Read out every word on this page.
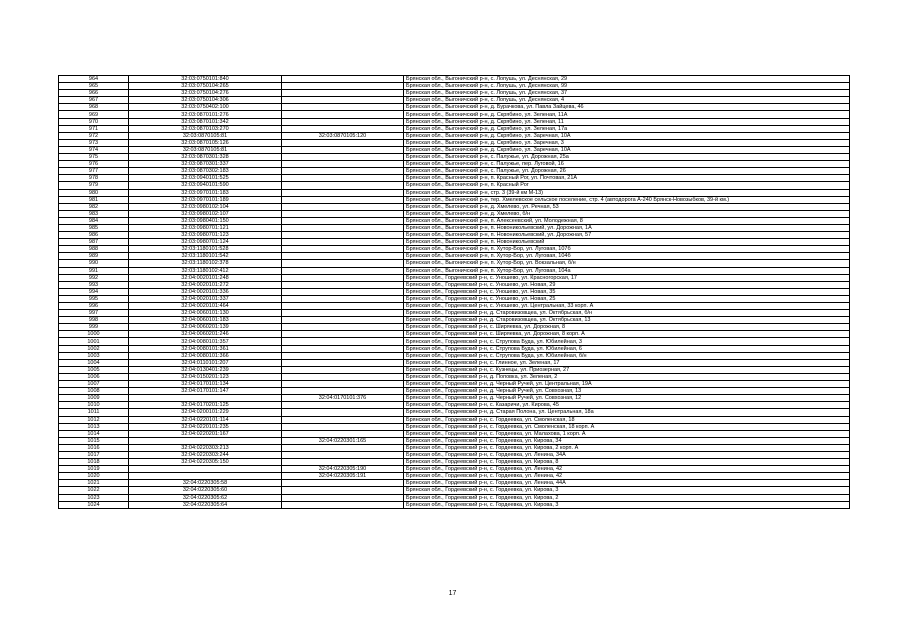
964	32:03:0750101:840		Брянская обл., Выгоничский р-н, с. Лопушь, ул. Деснянская, 29
965	32:03:0750104:265		Брянская обл., Выгоничский р-н, с. Лопушь, ул. Деснянская, 99
966	32:03:0750104:276		Брянская обл., Выгоничский р-н, с. Лопушь, ул. Деснянская, 37
967	32:03:0750104:306		Брянская обл., Выгоничский р-н, с. Лопушь, ул. Деснянская, 4
968	32:03:0750402:100		Брянская обл., Выгоничский р-н, д. Бурачкова, ул. Павла Зайцева, 46
969	32:03:0870101:276		Брянская обл., Выгоничский р-н, д. Скрябино, ул. Зеленая, 11А
970	32:03:0870101:342		Брянская обл., Выгоничский р-н, д. Скрябино, ул. Зеленая, 11
971	32:03:0870103:270		Брянская обл., Выгоничский р-н, д. Скрябино, ул. Зеленая, 17а
972	32:03:0870105:81	32:03:0870105:120	Брянская обл., Выгоничский р-н, д. Скрябино, ул. Заречная, 10А
973	32:03:0870105:126		Брянская обл., Выгоничский р-н, д. Скрябино, ул. Заречная, 3
974	32:03:0870105:81		Брянская обл., Выгоничский р-н, д. Скрябино, ул. Заречная, 10А
975	32:03:0870301:328		Брянская обл., Выгоничский р-н, с. Палужье, ул. Дорожная, 25а
976	32:03:0870301:337		Брянская обл., Выгоничский р-н, с. Палужье, пер. Луговой, 16
977	32:03:0870302:183		Брянская обл., Выгоничский р-н, с. Палужье, ул. Дорожная, 26
978	32:03:0940101:525		Брянская обл., Выгоничский р-н, п. Красный Рог, ул. Почтовая, 21А
979	32:03:0940101:590		Брянская обл., Выгоничский р-н, п. Красный Рог
980	32:03:0970101:183		Брянская обл., Выгоничский р-н, стр. 3 (39-й км М-13)
981	32:03:0970101:189		Брянская обл., Выгоничский р-н, тер. Хмелевское сельское поселение, стр. 4 (автодорога А-240 Брянск-Новозыбков, 39-й км.)
982	32:03:0980102:104		Брянская обл., Выгоничский р-н, д. Хмелево, ул. Речная, 53
983	32:03:0980102:107		Брянская обл., Выгоничский р-н, д. Хмелево, б/н
984	32:03:0980401:150		Брянская обл., Выгоничский р-н, п. Алексеевский, ул. Молодежная, 8
985	32:03:0980701:121		Брянская обл., Выгоничский р-н, п. Новоникольевский, ул. Дорожная, 1А
986	32:03:0980701:123		Брянская обл., Выгоничский р-н, п. Новоникольевский, ул. Дорожная, 57
987	32:03:0980701:124		Брянская обл., Выгоничский р-н, п. Новоникольевский
988	32:03:1180101:528		Брянская обл., Выгоничский р-н, п. Хутор-Бор, ул. Луговая, 107б
989	32:03:1180101:542		Брянская обл., Выгоничский р-н, п. Хутор-Бор, ул. Луговая, 104б
990	32:03:1180102:378		Брянская обл., Выгоничский р-н, п. Хутор-Бор, ул. Вокзальная, б/н
991	32:03:1180102:412		Брянская обл., Выгоничский р-н, п. Хутор-Бор, ул. Луговая, 104а
992	32:04:0020101:248		Брянская обл., Гордеевский р-н, с. Уношево, ул. Красногорская, 17
993	32:04:0020101:272		Брянская обл., Гордеевский р-н, с. Уношево, ул. Новая, 29
994	32:04:0020101:336		Брянская обл., Гордеевский р-н, с. Уношево, ул. Новая, 35
995	32:04:0020101:337		Брянская обл., Гордеевский р-н, с. Уношево, ул. Новая, 25
996	32:04:0020101:464		Брянская обл., Гордеевский р-н, с. Уношево, ул. Центральная, 33 корп. А
997	32:04:0060101:130		Брянская обл., Гордеевский р-н, д. Старовизовщеа, ул. Октябрьская, б/н
998	32:04:0060101:183		Брянская обл., Гордеевский р-н, д. Старовизовщеа, ул. Октябрьская, 13
999	32:04:0060201:139		Брянская обл., Гордеевский р-н, с. Ширяевка, ул. Дорожная, 8
1000	32:04:0060201:246		Брянская обл., Гордеевский р-н, с. Ширяевка, ул. Дорожная, 8 корп. А
1001	32:04:0080101:357		Брянская обл., Гордеевский р-н, с. Струпова Буда, ул. Юбилейная, 3
1002	32:04:0080101:361		Брянская обл., Гордеевский р-н, с. Струпова Буда, ул. Юбилейная, 6
1003	32:04:0080101:366		Брянская обл., Гордеевский р-н, с. Струпова Буда, ул. Юбилейная, б/н
1004	32:04:0110101:207		Брянская обл., Гордеевский р-н, с. Глинное, ул. Зеленая, 17
1005	32:04:0130401:239		Брянская обл., Гордеевский р-н, с. Кузнецы, ул. Приозерная, 27
1006	32:04:0150201:123		Брянская обл., Гордеевский р-н, д. Поповка, ул. Зеленая, 2
1007	32:04:0170101:134		Брянская обл., Гордеевский р-н, д. Черный Ручей, ул. Центральная, 19А
1008	32:04:0170101:147		Брянская обл., Гордеевский р-н, д. Черный Ручей, ул. Совхозная, 13
1009		32:04:0170101:376	Брянская обл., Гордеевский р-н, д. Черный Ручей, ул. Совхозная, 12
1010	32:04:0170201:125		Брянская обл., Гордеевский р-н, с. Казаричи, ул. Кирова, 45
1011	32:04:0200101:229		Брянская обл., Гордеевский р-н, д. Старая Полона, ул. Центральная, 18а
1012	32:04:0220101:114		Брянская обл., Гордеевский р-н, с. Гордеевка, ул. Смоленская, 18
1013	32:04:0220101:235		Брянская обл., Гордеевский р-н, с. Гордеевка, ул. Смоленская, 18 корп. А
1014	32:04:0220201:167		Брянская обл., Гордеевский р-н, с. Гордеевка, ул. Малахова, 1 корп. А
1015		32:04:0220301:165	Брянская обл., Гордеевский р-н, с. Гордеевка, ул. Кирова, 34
1016	32:04:0220303:213		Брянская обл., Гордеевский р-н, с. Гордеевка, ул. Кирова, 2 корп. А
1017	32:04:0220303:244		Брянская обл., Гордеевский р-н, с. Гордеевка, ул. Ленина, 34А
1018	32:04:0220305:150		Брянская обл., Гордеевский р-н, с. Гордеевка, ул. Кирова, 8
1019		32:04:0220305:190	Брянская обл., Гордеевский р-н, с. Гордеевка, ул. Ленина, 42
1020		32:04:0220305:191	Брянская обл., Гордеевский р-н, с. Гордеевка, ул. Ленина, 42
1021	32:04:0220305:58		Брянская обл., Гордеевский р-н, с. Гордеевка, ул. Ленина, 44А
1022	32:04:0220305:60		Брянская обл., Гордеевский р-н, с. Гордеевка, ул. Кирова, 3
1023	32:04:0220305:62		Брянская обл., Гордеевский р-н, с. Гордеевка, ул. Кирова, 2
1024	32:04:0220305:64		Брянская обл., Гордеевский р-н, с. Гордеевка, ул. Кирова, 3
17
